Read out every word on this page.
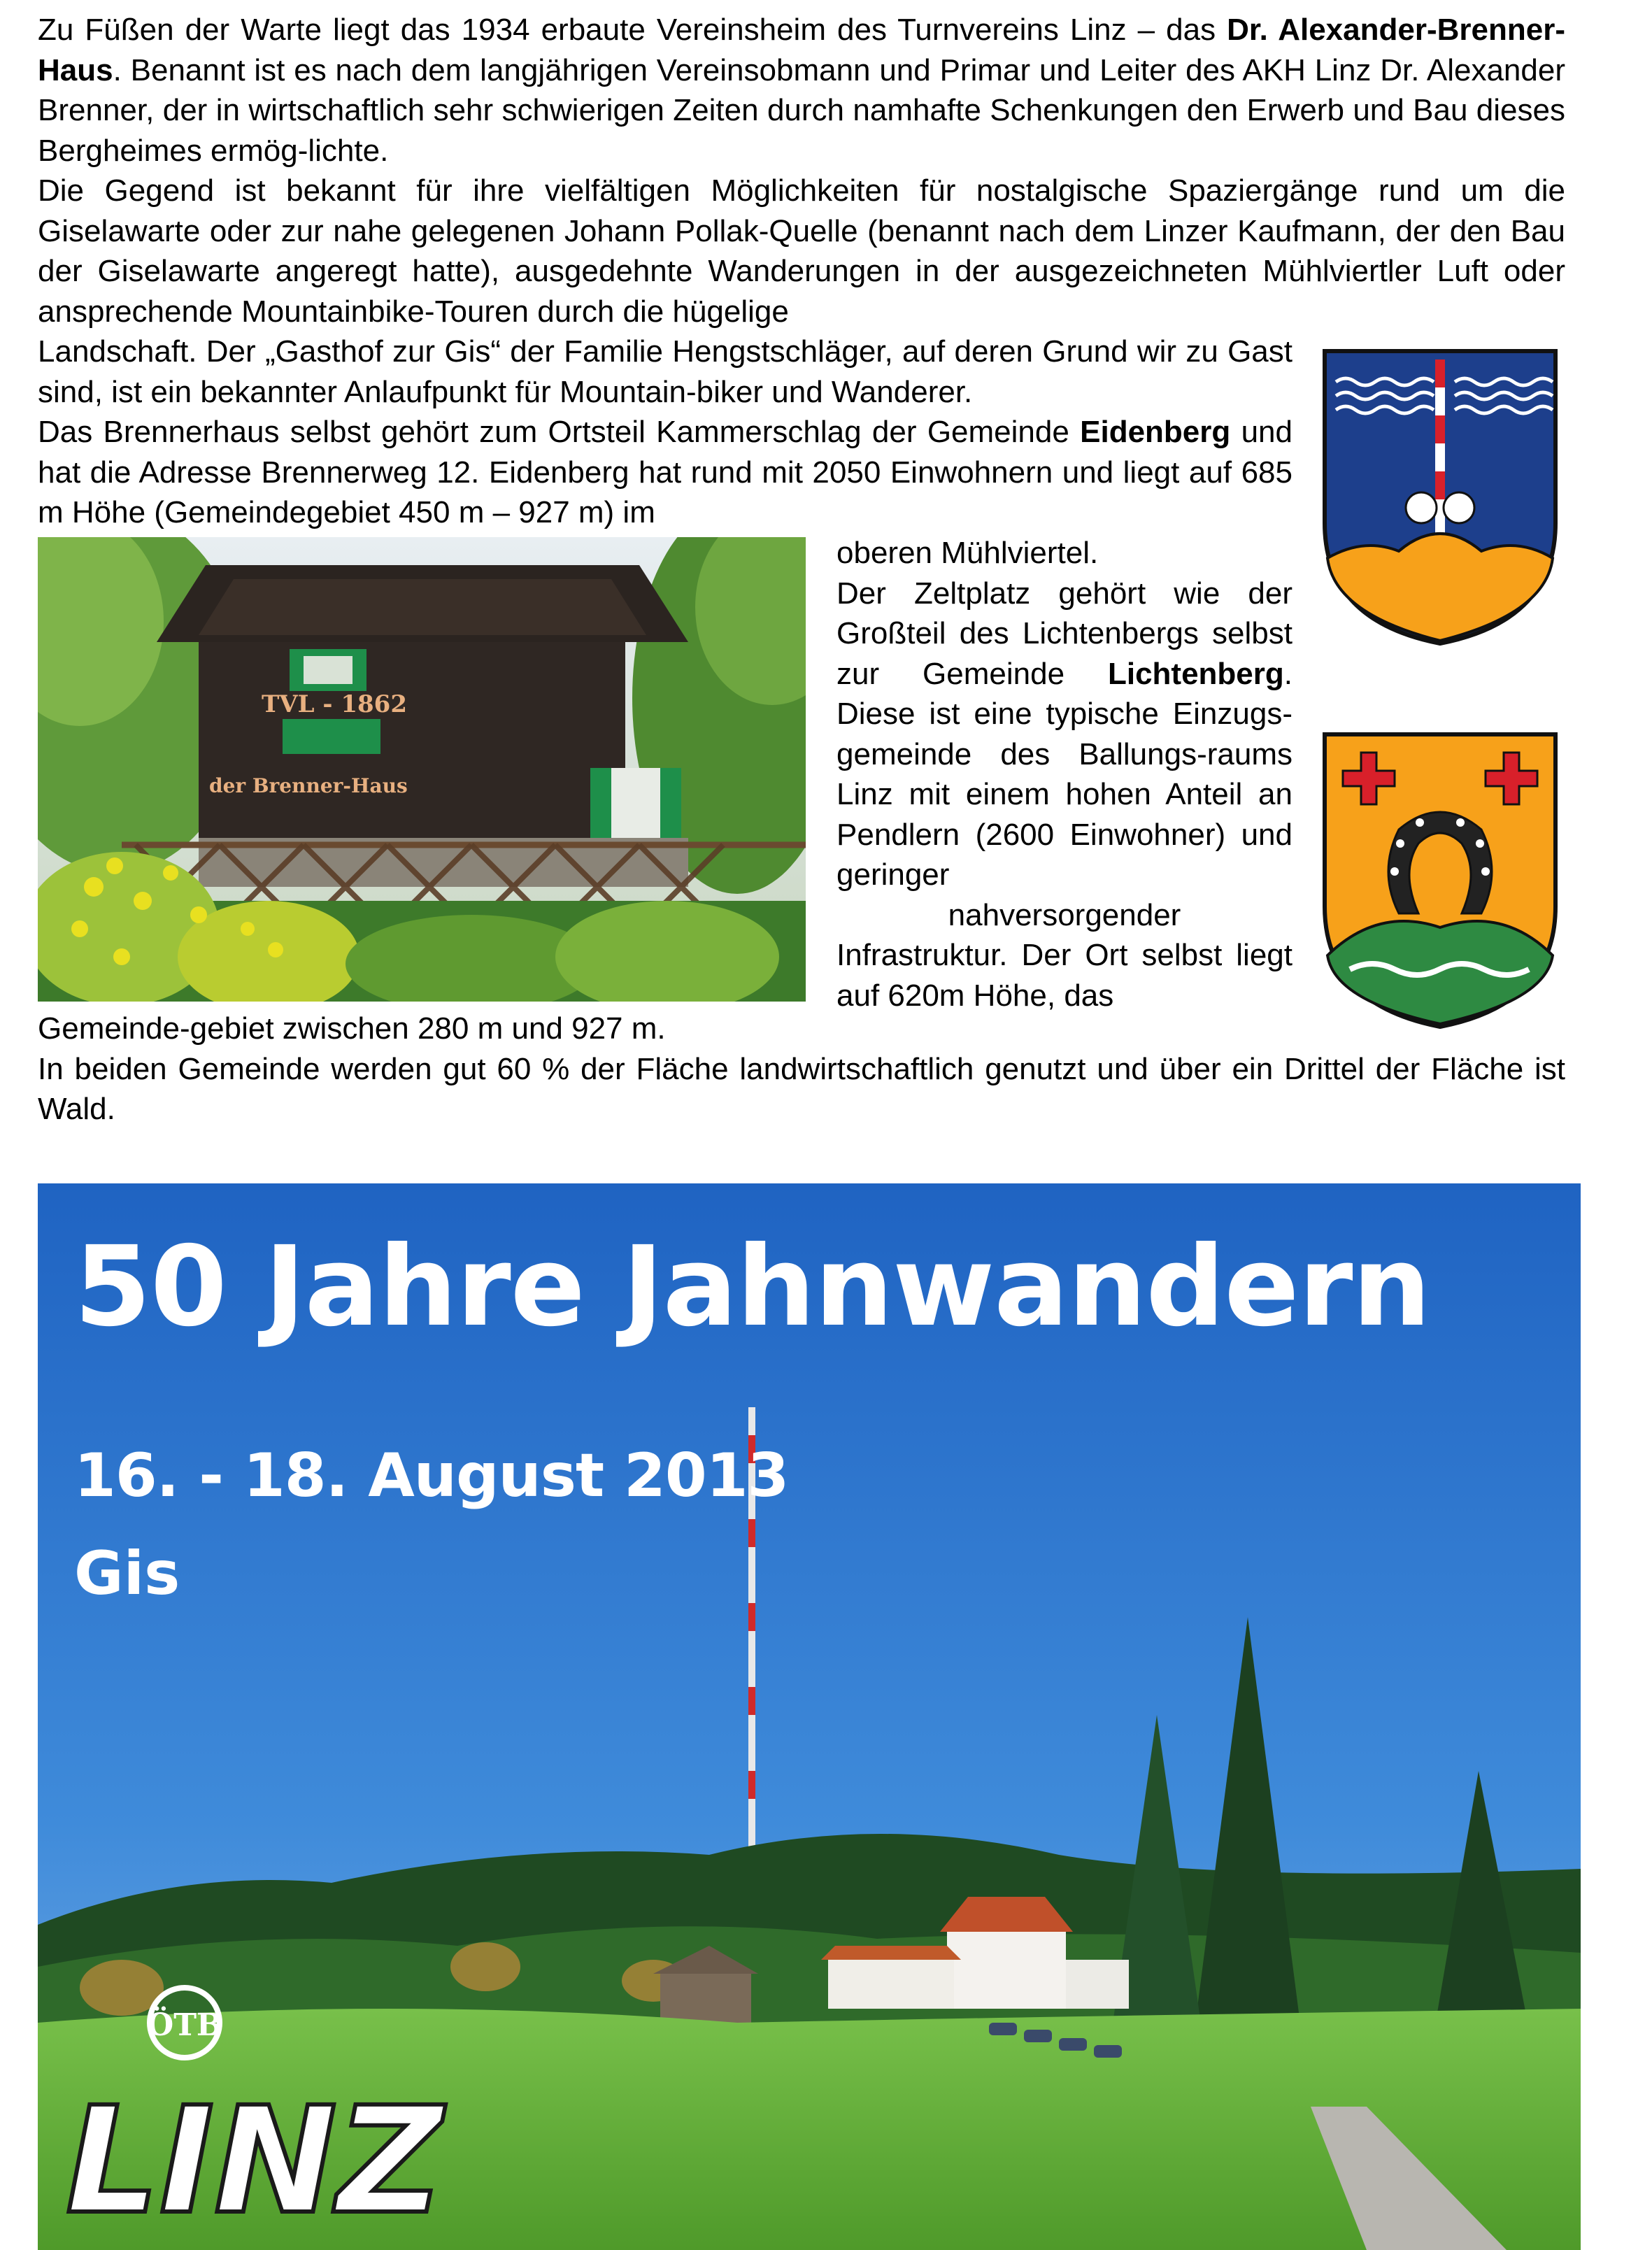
Zu Füßen der Warte liegt das 1934 erbaute Vereinsheim des Turnvereins Linz – das Dr. Alexander-Brenner-Haus. Benannt ist es nach dem langjährigen Vereinsobmann und Primar und Leiter des AKH Linz Dr. Alexander Brenner, der in wirtschaftlich sehr schwierigen Zeiten durch namhafte Schenkungen den Erwerb und Bau dieses Bergheimes ermög-lichte.
Die Gegend ist bekannt für ihre vielfältigen Möglichkeiten für nostalgische Spaziergänge rund um die Giselawarte oder zur nahe gelegenen Johann Pollak-Quelle (benannt nach dem Linzer Kaufmann, der den Bau der Giselawarte angeregt hatte), ausgedehnte Wanderungen in der ausgezeichneten Mühlviertler Luft oder ansprechende Mountainbike-Touren durch die hügelige
Landschaft. Der „Gasthof zur Gis“ der Familie Hengstschläger, auf deren Grund wir zu Gast sind, ist ein bekannter Anlaufpunkt für Mountain-biker und Wanderer.
Das Brennerhaus selbst gehört zum Ortsteil Kammerschlag der Gemeinde Eidenberg und hat die Adresse Brennerweg 12. Eidenberg hat rund mit 2050 Einwohnern und liegt auf 685 m Höhe (Gemeindegebiet 450 m – 927 m) im
TVL - 1862
der Brenner-Haus
oberen Mühlviertel.
Der Zeltplatz gehört wie der Großteil des Lichtenbergs selbst zur Gemeinde Lichtenberg. Diese ist eine typische Einzugs-gemeinde des Ballungs-raums Linz mit einem hohen Anteil an Pendlern (2600 Einwohner) und geringer
nahversorgender
Infrastruktur. Der Ort selbst liegt auf 620m Höhe, das
Gemeinde-gebiet zwischen 280 m und 927 m.
In beiden Gemeinde werden gut 60 % der Fläche landwirtschaftlich genutzt und über ein Drittel der Fläche ist Wald.
ÖTB
LINZ
50 Jahre Jahnwandern
16. - 18. August 2013
Gis
